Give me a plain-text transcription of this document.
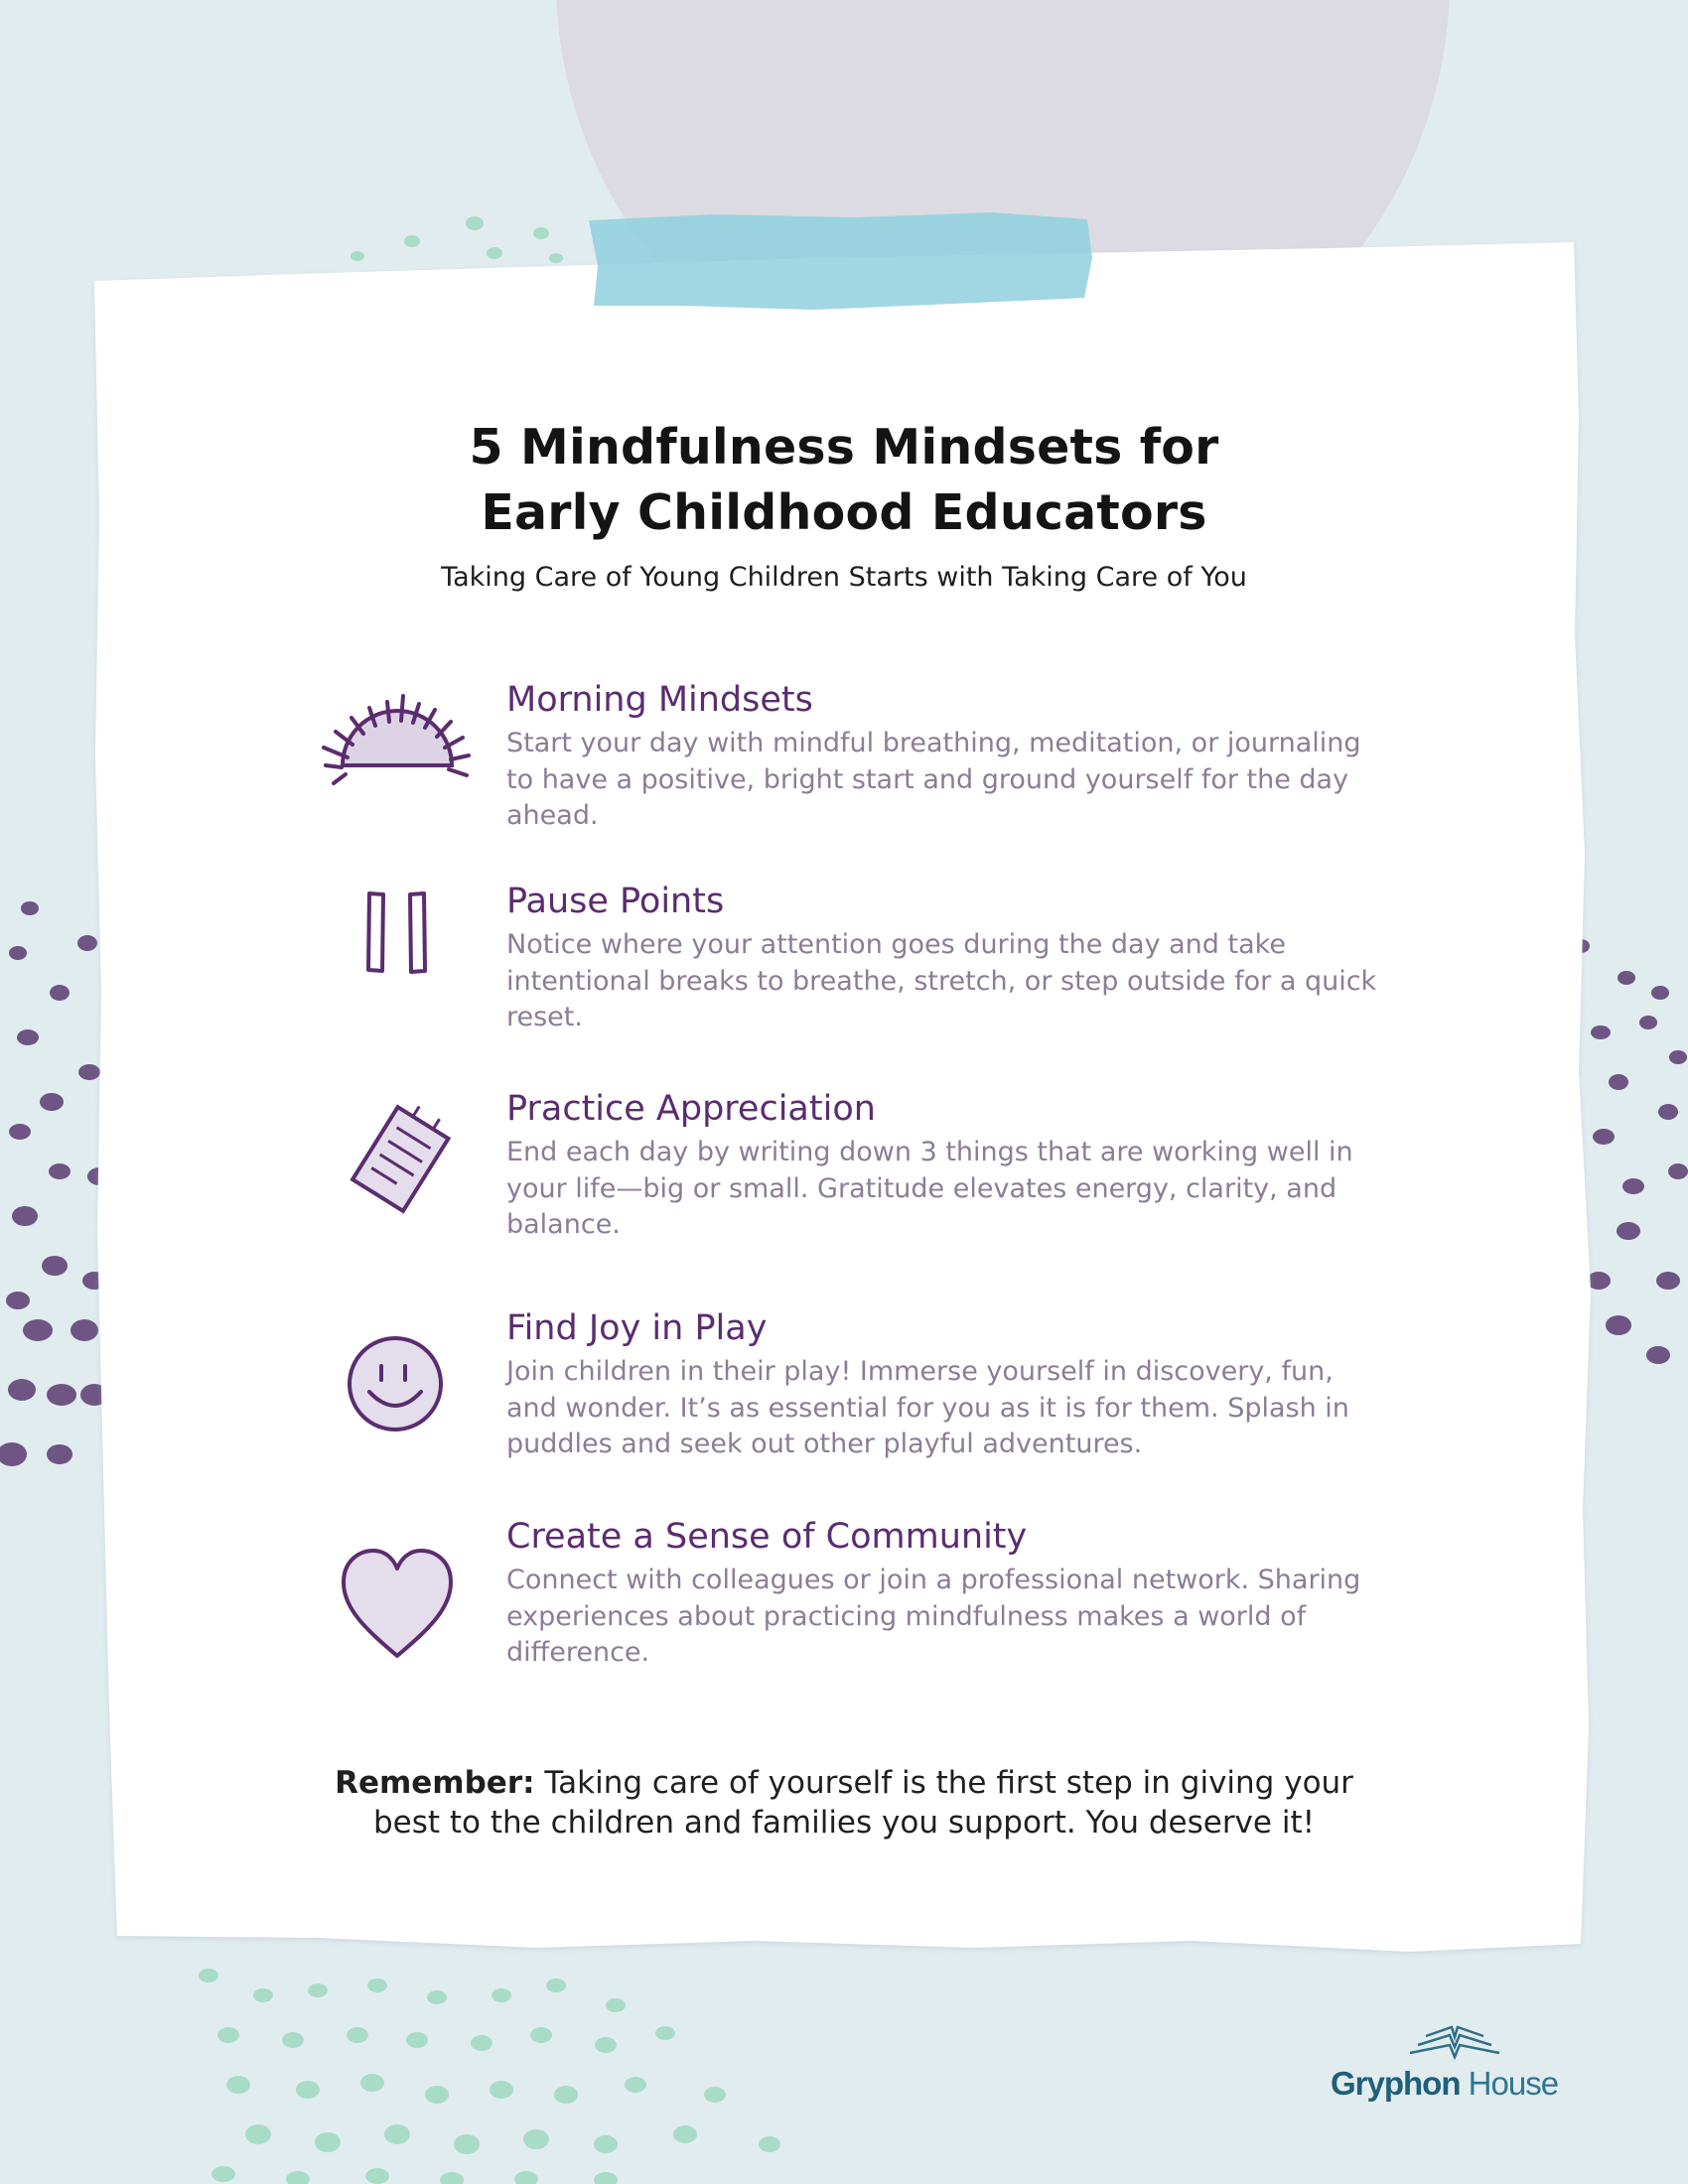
5 Mindfulness Mindsets for
Early Childhood Educators
Taking Care of Young Children Starts with Taking Care of You
Morning Mindsets
Start your day with mindful breathing, meditation, or journaling to have a positive, bright start and ground yourself for the day ahead.
Pause Points
Notice where your attention goes during the day and take intentional breaks to breathe, stretch, or step outside for a quick reset.
Practice Appreciation
End each day by writing down 3 things that are working well in your life—big or small. Gratitude elevates energy, clarity, and balance.
Find Joy in Play
Join children in their play! Immerse yourself in discovery, fun, and wonder. It’s as essential for you as it is for them. Splash in puddles and seek out other playful adventures.
Create a Sense of Community
Connect with colleagues or join a professional network. Sharing experiences about practicing mindfulness makes a world of difference.
Remember: Taking care of yourself is the first step in giving your best to the children and families you support. You deserve it!
Gryphon House
